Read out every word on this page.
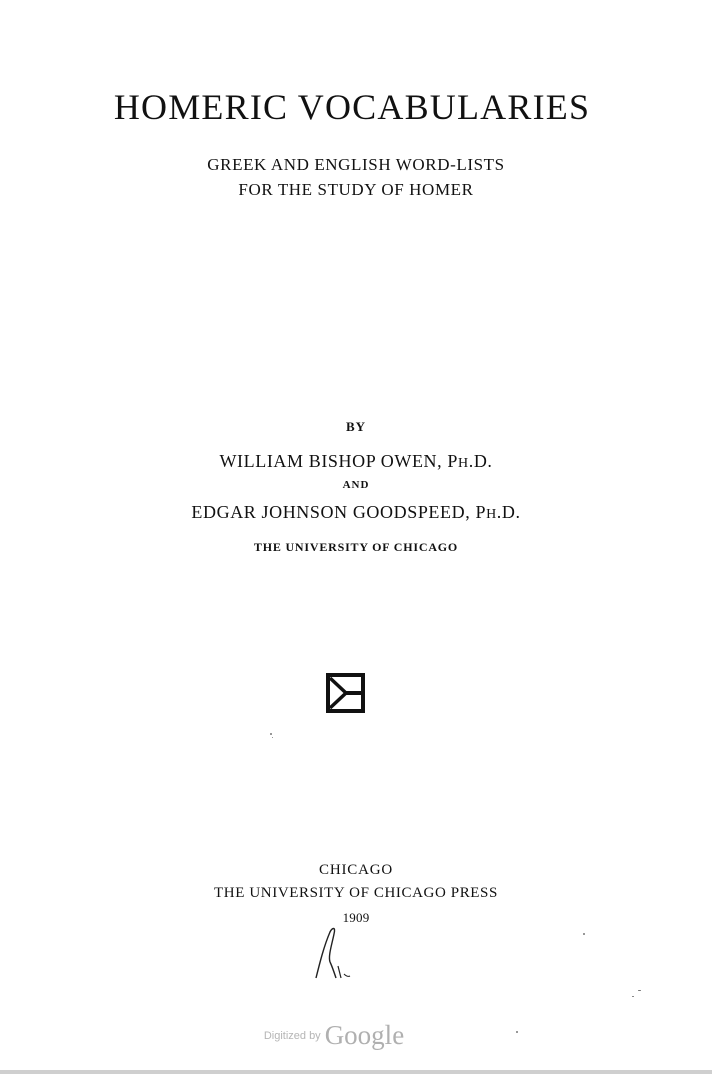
HOMERIC VOCABULARIES
GREEK AND ENGLISH WORD-LISTS
FOR THE STUDY OF HOMER
BY
WILLIAM BISHOP OWEN, PH.D.
AND
EDGAR JOHNSON GOODSPEED, PH.D.
THE UNIVERSITY OF CHICAGO
CHICAGO
THE UNIVERSITY OF CHICAGO PRESS
1909
Digitized by Google
